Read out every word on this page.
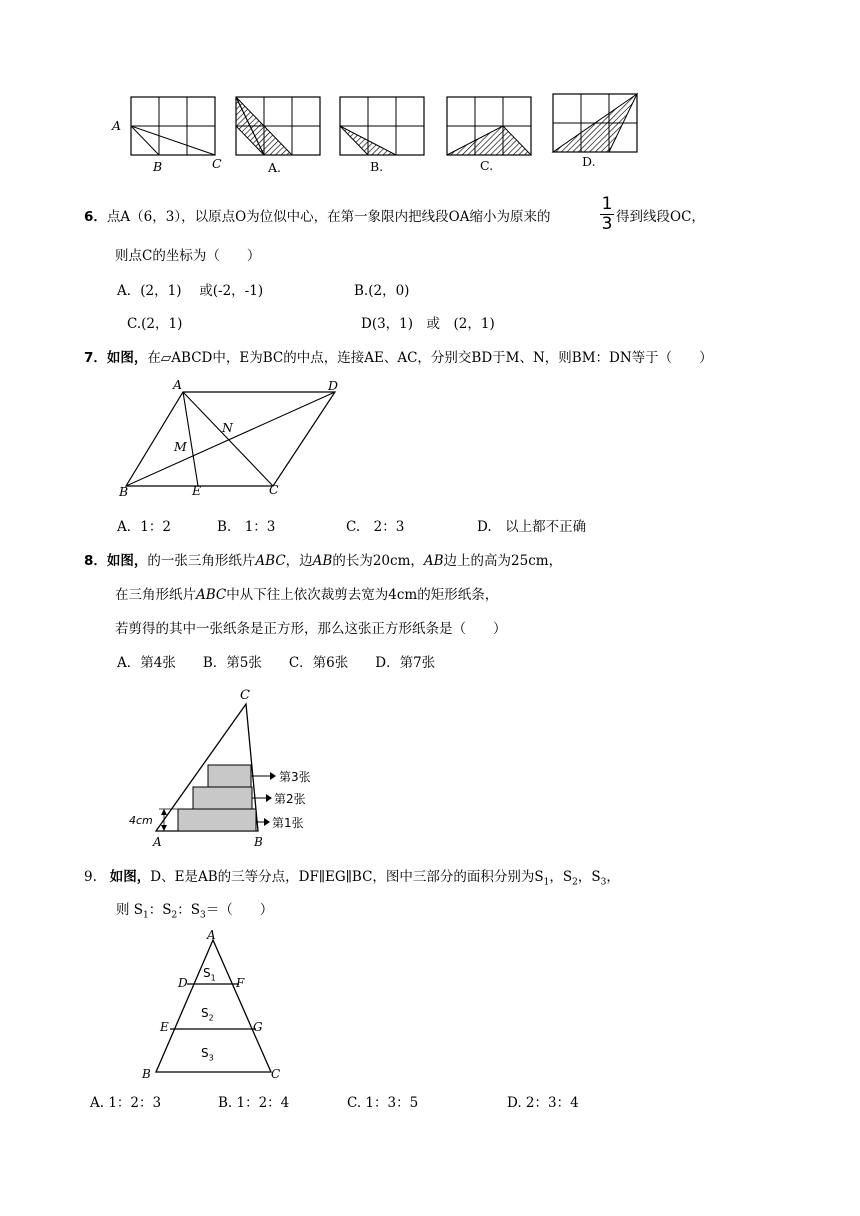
A
B	C	A.	B.	C.	D.
6．点A（6，3），以原点O为位似中心，在第一象限内把线段OA缩小为原来的
1
3 得到线段OC，
则点C的坐标为（　　）
A．(2，1)　 或(-2，-1)	B.(2，0)
C.(2，1)	D(3，1)　或　(2，1)
7．如图，在▱ABCD中，E为BC的中点，连接AE、AC，分别交BD于M、N，则BM：DN等于（　　）
A	D
N
M
B	E	C
A．1：2	B.　1：3	C.　2：3	D.　以上都不正确
8．如图，的一张三角形纸片ABC，边AB的长为20cm，AB边上的高为25cm，
在三角形纸片ABC中从下往上依次裁剪去宽为4cm的矩形纸条，
若剪得的其中一张纸条是正方形，那么这张正方形纸条是（　　）
A．第4张　　B．第5张　　C．第6张　　D．第7张
C
A	B
4cm
第3张
第2张
第1张
9. 如图，D、E是AB的三等分点，DF∥EG∥BC，图中三部分的面积分别为$S_1$，$S_2$，$S_3$，
则 $S_1$：$S_2$：$S_3=$（　　）
A
D	F
E	G
B	C
$S_1$
$S_2$
$S_3$
A. 1：2：3	B. 1：2：4	C. 1：3：5	D. 2：3：4
